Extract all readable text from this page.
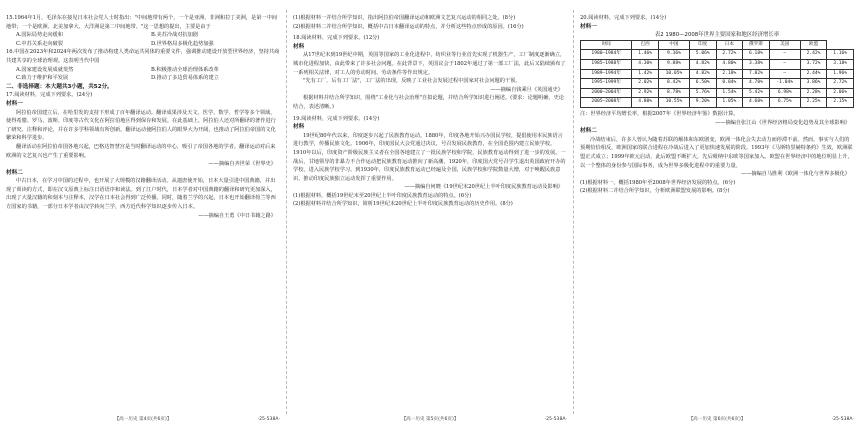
15.1964年1月，毛泽东在接见日本社会党人士时指出："中间地带有两个，一个是亚洲、非洲和拉丁美洲，是第一中间地带；一个是欧洲、北美加拿大、大洋洲是第二中间地带。"这一思想的提出，主要是由于

A.国际局势走向缓和	B.美苏冷战对抗加剧
C.中苏关系走向破裂	D.世界格局多极化趋势加强

16.中国在2023年和2024年两次发布了推动构建人类命运共同体的重要文件，强调推动建设开放型世界经济，坚持共商共建共享的全球治理观。这表明当代中国

A.国家建设发展成就斐然	B.积极推动全球治理体系改革
C.致力于维护和平发展	D.推动了多边贸易体系的建立

二、非选择题：本大题共3小题，共52分。

17.阅读材料，完成下列要求。(24分)

材料一

阿拉伯帝国建立后，在哈里发的支持下形成了百年翻译运动。翻译成果涉及天文、医学、数学、哲学等多个领域，使得希腊、罗马、波斯、印度等古代文化在阿拉伯地区得到保存和发展。在此基础上，阿拉伯人还对所翻译的著作进行了研究、注释和评论，并在许多学科领域有所创新。翻译运动使阿拉伯人的眼界大为开阔，也推动了阿拉伯帝国的文化繁荣和科学进步。

翻译活动在阿拉伯帝国各地兴起，巴格达智慧宫是当时翻译运动的中心，吸引了帝国各地的学者。翻译运动对后来欧洲的文艺复兴也产生了重要影响。

——摘编自齐世荣《世界史》

材料二

中古日本，在学习中国的过程中，也开展了大规模的汉籍翻译活动。从遣唐使开始，日本大量引进中国典籍，并出现了训读的方式，即在汉文原典上标注日语语序和读法。到了江户时代，日本学者对中国典籍的翻译和研究更加深入，出现了大量汉籍的和刻本与注释本，汉学在日本社会得到广泛传播。同时，随着兰学的兴起，日本也开始翻译荷兰等西方国家的书籍，一部分日本学者由汉学转向兰学，西方近代科学知识逐步传入日本。

——摘编自王勇《中日书籍之路》

【高一历史 第4页(共6页)】	·25-538A·

(1)根据材料一并结合所学知识，指出阿拉伯帝国翻译运动和欧洲文艺复兴运动的相同之处。(8分)

(2)根据材料二并结合所学知识，概括中古日本翻译运动的特点，并分析这些特点形成的原因。(16分)

18.阅读材料，完成下列要求。(12分)

材料

从17世纪末到19世纪中期，英国等国家的工业化进程中，纺织业等行业首先实现了机器生产，工厂制度逐渐确立，城市化进程加快，由此带来了许多社会问题。在此背景下，英国议会于1802年通过了第一部工厂法，此后又陆续颁布了一系列相关法律，对工人的劳动时间、劳动条件等作出规定。

"先有工厂，后有工厂法"，工厂法的出现，反映了工业社会发展过程中国家对社会问题的干预。

——摘编自钱乘旦《英国通史》

根据材料并结合所学知识，围绕"工业化与社会治理"自拟论题，并结合所学知识进行阐述。(要求：论题明确，史论结合，表述清晰。)

19.阅读材料，完成下列要求。(14分)

材料

19世纪80年代以来，印度逐步兴起了民族教育运动。1880年，印度各地开始兴办国民学校，提倡使用本民族语言进行教学，传播民族文化。1906年，印度国民大会党通过决议，号召发展民族教育，在全国范围内建立民族学校。1910年以后，印度资产阶级民族主义者在全国各地建立了一批民族学校和学院，民族教育运动得到了进一步的发展。一战后，甘地领导的非暴力不合作运动把民族教育运动推向了新高潮，1920年，印度国大党号召学生退出英国政府开办的学校，进入民族学校学习。到1930年，印度民族教育运动已经遍及全国，民族学校和学院数量大增，对于唤醒民族意识、推动印度民族独立运动发挥了重要作用。

——摘编自何晓《19世纪末20世纪上半叶印度民族教育运动及影响》

(1)根据材料，概括19世纪末至20世纪上半叶印度民族教育运动的特点。(6分)

(2)根据材料并结合所学知识，简析19世纪末20世纪上半叶印度民族教育运动的历史作用。(8分)

【高一历史 第5页(共6页)】	·25-538A·

20.阅读材料，完成下列要求。(14分)

材料一

表2 1980—2008年世界主要国家和地区经济增长率

时间	巴西	中国	印度	日本	俄罗斯	美国	欧盟	
1980—1984年	1.46%	9.36%	5.06%	2.72%	6.18%	—	2.42%	1.16%
1985—1988年	4.30%	9.88%	4.82%	4.80%	3.38%	—	3.72%	3.18%
1989—1994年	1.42%	10.05%	4.82%	2.18%	7.82%	—	2.44%	1.96%
1995—1999年	2.02%	8.42%	6.50%	0.84%	4.70%	-1.04%	3.86%	2.72%
2000—2004年	2.92%	8.78%	5.76%	1.54%	5.42%	6.98%	2.28%	2.06%
2005—2008年	4.80%	10.55%	9.20%	1.05%	4.60%	6.75%	2.25%	2.15%

注：世界经济平均增长率，根据2007年《世界经济年鉴》数据计算。

——摘编自张江山《世界经济格局变化趋势及其全球影响》

材料二

冷战结束后，许多人曾认为随着苏联的解体和东欧剧变，欧洲一体化会失去动力而停滞不前。然而，事实与人们的预期恰恰相反，欧洲国家的联合进程在冷战后进入了更加快速发展的阶段。1993年《马斯特里赫特条约》生效，欧洲联盟正式成立；1999年欧元启动，此后欧盟不断扩大，先后吸纳中东欧等国家加入。欧盟在世界经济中的地位明显上升，以一个整体的身份参与国际事务，成为世界多极化进程中的重要力量。

——摘编自马胜利《欧洲一体化与世界多极化》

(1)根据材料一，概括1980年至2008年世界经济发展的特点。(6分)

(2)根据材料二并结合所学知识，分析欧洲联盟发展的影响。(8分)

【高一历史 第6页(共6页)】	·25-538A·
